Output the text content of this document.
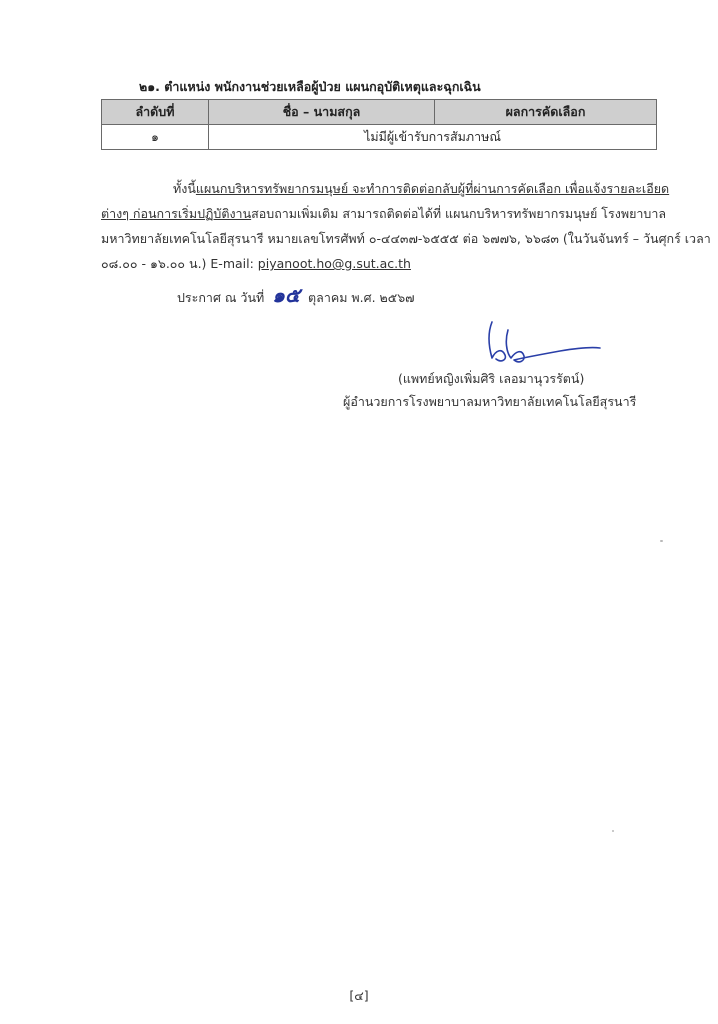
๒๑. ตำแหน่ง พนักงานช่วยเหลือผู้ป่วย แผนกอุบัติเหตุและฉุกเฉิน
ลำดับที่	ชื่อ – นามสกุล	ผลการคัดเลือก
๑	ไม่มีผู้เข้ารับการสัมภาษณ์	
ทั้งนี้ แผนกบริหารทรัพยากรมนุษย์ จะทำการติดต่อกลับผู้ที่ผ่านการคัดเลือก เพื่อแจ้งรายละเอียด
ต่างๆ ก่อนการเริ่มปฏิบัติงาน สอบถามเพิ่มเติม สามารถติดต่อได้ที่ แผนกบริหารทรัพยากรมนุษย์ โรงพยาบาล
มหาวิทยาลัยเทคโนโลยีสุรนารี หมายเลขโทรศัพท์ ๐-๔๔๓๗-๖๕๕๕ ต่อ ๖๗๗๖, ๖๖๘๓ (ในวันจันทร์ – วันศุกร์ เวลา
๐๘.๐๐ - ๑๖.๐๐ น.) E-mail: piyanoot.ho@g.sut.ac.th
ประกาศ ณ วันที่ ๑๕ ตุลาคม พ.ศ. ๒๕๖๗
(แพทย์หญิงเพิ่มศิริ เลอมานุวรรัตน์)
ผู้อำนวยการโรงพยาบาลมหาวิทยาลัยเทคโนโลยีสุรนารี
[๔]
